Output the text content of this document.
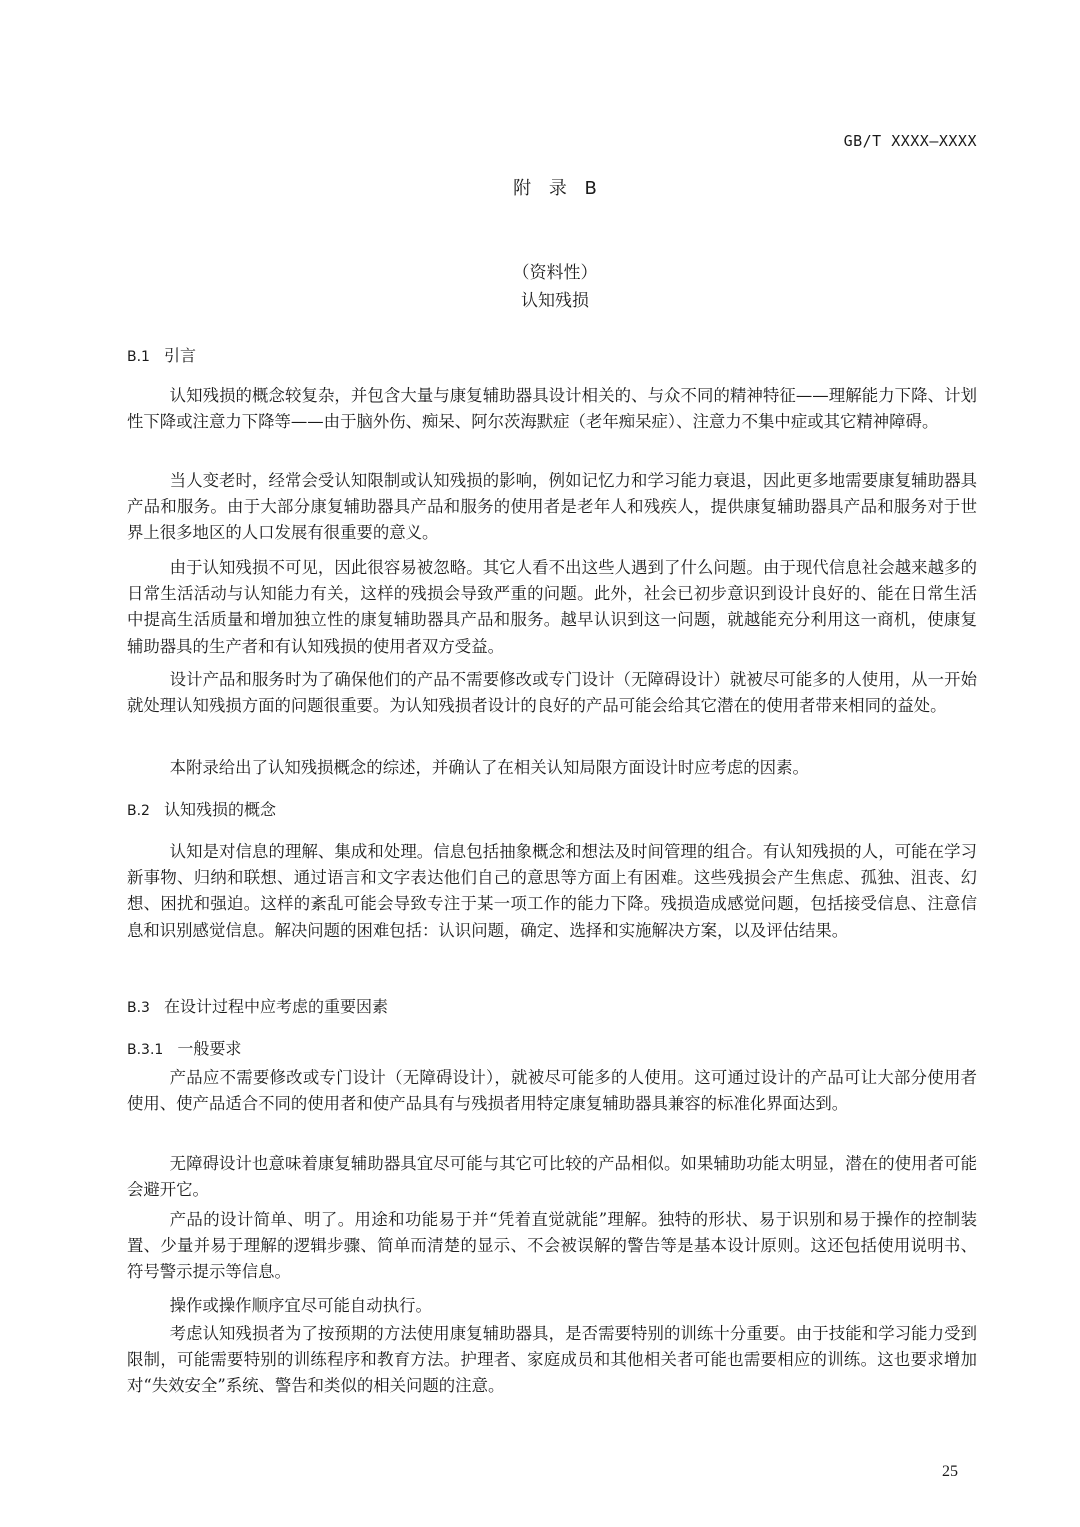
GB/T XXXX—XXXX
附 录 B
（资料性）
认知残损
B.1 引言

认知残损的概念较复杂，并包含大量与康复辅助器具设计相关的、与众不同的精神特征——理解能力下降、计划性下降或注意力下降等——由于脑外伤、痴呆、阿尔茨海默症（老年痴呆症）、注意力不集中症或其它精神障碍。

当人变老时，经常会受认知限制或认知残损的影响，例如记忆力和学习能力衰退，因此更多地需要康复辅助器具产品和服务。由于大部分康复辅助器具产品和服务的使用者是老年人和残疾人，提供康复辅助器具产品和服务对于世界上很多地区的人口发展有很重要的意义。

由于认知残损不可见，因此很容易被忽略。其它人看不出这些人遇到了什么问题。由于现代信息社会越来越多的日常生活活动与认知能力有关，这样的残损会导致严重的问题。此外，社会已初步意识到设计良好的、能在日常生活中提高生活质量和增加独立性的康复辅助器具产品和服务。越早认识到这一问题，就越能充分利用这一商机，使康复辅助器具的生产者和有认知残损的使用者双方受益。

设计产品和服务时为了确保他们的产品不需要修改或专门设计（无障碍设计）就被尽可能多的人使用，从一开始就处理认知残损方面的问题很重要。为认知残损者设计的良好的产品可能会给其它潜在的使用者带来相同的益处。

本附录给出了认知残损概念的综述，并确认了在相关认知局限方面设计时应考虑的因素。

B.2 认知残损的概念

认知是对信息的理解、集成和处理。信息包括抽象概念和想法及时间管理的组合。有认知残损的人，可能在学习新事物、归纳和联想、通过语言和文字表达他们自己的意思等方面上有困难。这些残损会产生焦虑、孤独、沮丧、幻想、困扰和强迫。这样的紊乱可能会导致专注于某一项工作的能力下降。残损造成感觉问题，包括接受信息、注意信息和识别感觉信息。解决问题的困难包括：认识问题，确定、选择和实施解决方案，以及评估结果。

B.3 在设计过程中应考虑的重要因素
B.3.1 一般要求

产品应不需要修改或专门设计（无障碍设计），就被尽可能多的人使用。这可通过设计的产品可让大部分使用者使用、使产品适合不同的使用者和使产品具有与残损者用特定康复辅助器具兼容的标准化界面达到。

无障碍设计也意味着康复辅助器具宜尽可能与其它可比较的产品相似。如果辅助功能太明显，潜在的使用者可能会避开它。

产品的设计简单、明了。用途和功能易于并“凭着直觉就能”理解。独特的形状、易于识别和易于操作的控制装置、少量并易于理解的逻辑步骤、简单而清楚的显示、不会被误解的警告等是基本设计原则。这还包括使用说明书、符号警示提示等信息。

操作或操作顺序宜尽可能自动执行。

考虑认知残损者为了按预期的方法使用康复辅助器具，是否需要特别的训练十分重要。由于技能和学习能力受到限制，可能需要特别的训练程序和教育方法。护理者、家庭成员和其他相关者可能也需要相应的训练。这也要求增加对“失效安全”系统、警告和类似的相关问题的注意。

25
